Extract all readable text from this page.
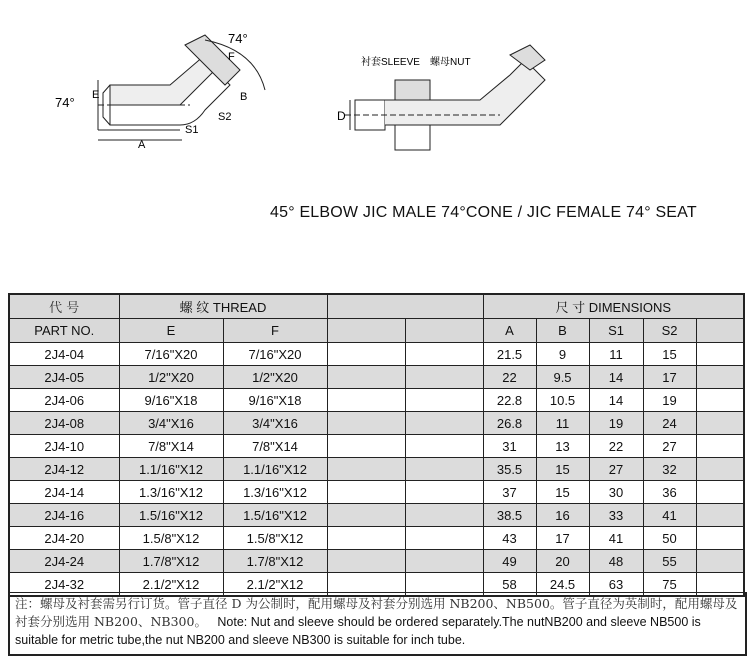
74°
74° E
F
A
B
S1
S2	D
衬套SLEEVE 螺母NUT
45° ELBOW JIC MALE 74°CONE / JIC FEMALE 74° SEAT
代 号	螺 纹 THREAD				尺 寸 DIMENSIONS				
PART NO.	E	F			A	B	S1	S2	
2J4-04	7/16"X20	7/16"X20			21.5	9	11	15	
2J4-05	1/2"X20	1/2"X20			22	9.5	14	17	
2J4-06	9/16"X18	9/16"X18			22.8	10.5	14	19	
2J4-08	3/4"X16	3/4"X16			26.8	11	19	24	
2J4-10	7/8"X14	7/8"X14			31	13	22	27	
2J4-12	1.1/16"X12	1.1/16"X12			35.5	15	27	32	
2J4-14	1.3/16"X12	1.3/16"X12			37	15	30	36	
2J4-16	1.5/16"X12	1.5/16"X12			38.5	16	33	41	
2J4-20	1.5/8"X12	1.5/8"X12			43	17	41	50	
2J4-24	1.7/8"X12	1.7/8"X12			49	20	48	55	
2J4-32	2.1/2"X12	2.1/2"X12			58	24.5	63	75	
注：螺母及衬套需另行订货。管子直径 D 为公制时，配用螺母及衬套分别选用 NB200、NB500。管子直径为英制时，配用螺母及衬套分别选用 NB200、NB300。 Note: Nut and sleeve should be ordered separately.The nutNB200 and sleeve NB500 is suitable for metric tube,the nut NB200 and sleeve NB300 is suitable for inch tube.
